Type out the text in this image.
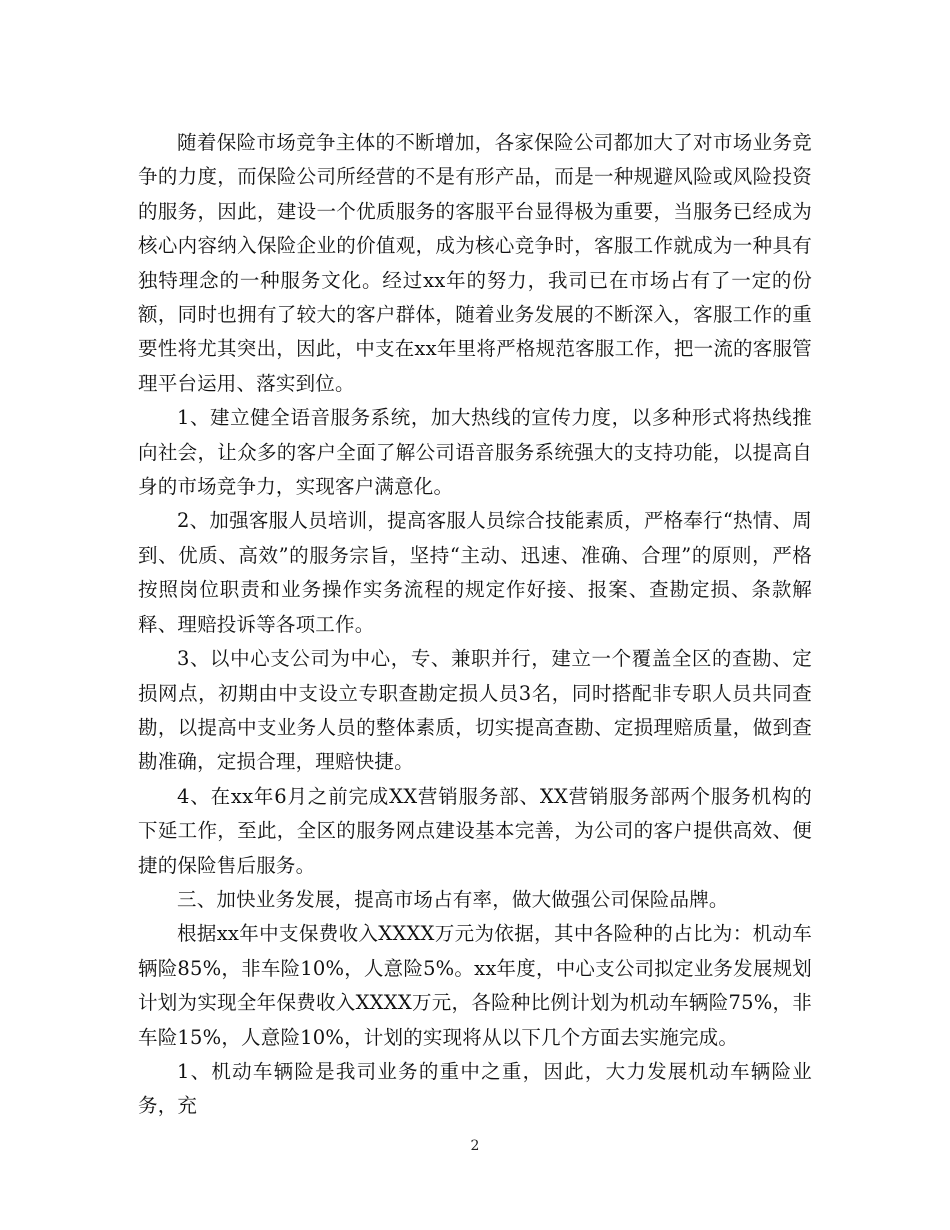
随着保险市场竞争主体的不断增加，各家保险公司都加大了对市场业务竞争的力度，而保险公司所经营的不是有形产品，而是一种规避风险或风险投资的服务，因此，建设一个优质服务的客服平台显得极为重要，当服务已经成为核心内容纳入保险企业的价值观，成为核心竞争时，客服工作就成为一种具有独特理念的一种服务文化。经过xx年的努力，我司已在市场占有了一定的份额，同时也拥有了较大的客户群体，随着业务发展的不断深入，客服工作的重要性将尤其突出，因此，中支在xx年里将严格规范客服工作，把一流的客服管理平台运用、落实到位。

1、建立健全语音服务系统，加大热线的宣传力度，以多种形式将热线推向社会，让众多的客户全面了解公司语音服务系统强大的支持功能，以提高自身的市场竞争力，实现客户满意化。

2、加强客服人员培训，提高客服人员综合技能素质，严格奉行“热情、周到、优质、高效”的服务宗旨，坚持“主动、迅速、准确、合理”的原则，严格按照岗位职责和业务操作实务流程的规定作好接、报案、查勘定损、条款解释、理赔投诉等各项工作。

3、以中心支公司为中心，专、兼职并行，建立一个覆盖全区的查勘、定损网点，初期由中支设立专职查勘定损人员3名，同时搭配非专职人员共同查勘，以提高中支业务人员的整体素质，切实提高查勘、定损理赔质量，做到查勘准确，定损合理，理赔快捷。

4、在xx年6月之前完成XX营销服务部、XX营销服务部两个服务机构的下延工作，至此，全区的服务网点建设基本完善，为公司的客户提供高效、便捷的保险售后服务。

三、加快业务发展，提高市场占有率，做大做强公司保险品牌。

根据xx年中支保费收入XXXX万元为依据，其中各险种的占比为：机动车辆险85%，非车险10%，人意险5%。xx年度，中心支公司拟定业务发展规划计划为实现全年保费收入XXXX万元，各险种比例计划为机动车辆险75%，非车险15%，人意险10%，计划的实现将从以下几个方面去实施完成。

1、机动车辆险是我司业务的重中之重，因此，大力发展机动车辆险业务，充

2
